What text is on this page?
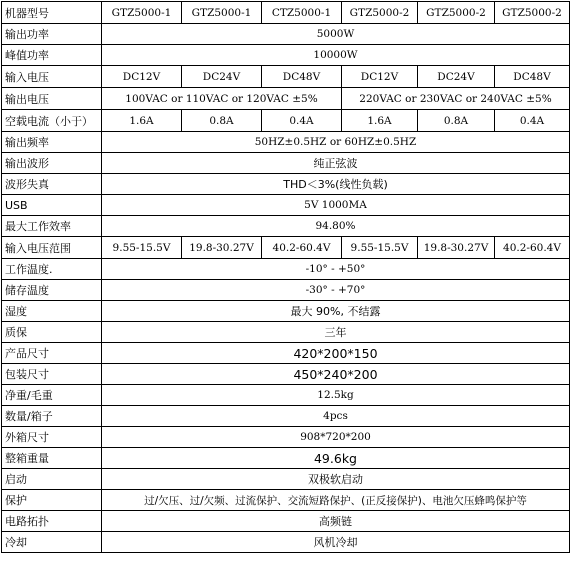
机器型号	GTZ5000-1	GTZ5000-1	CTZ5000-1	GTZ5000-2	GTZ5000-2	GTZ5000-2
输出功率	5000W					
峰值功率	10000W					
输入电压	DC12V	DC24V	DC48V	DC12V	DC24V	DC48V
输出电压	100VAC or 110VAC or 120VAC ±5%			220VAC or 230VAC or 240VAC ±5%		
空载电流（小于）	1.6A	0.8A	0.4A	1.6A	0.8A	0.4A
输出频率	50HZ±0.5HZ or 60HZ±0.5HZ					
输出波形	纯正弦波					
波形失真	THD＜3%(线性负载)					
USB	5V 1000MA					
最大工作效率	94.80%					
输入电压范围	9.55-15.5V	19.8-30.27V	40.2-60.4V	9.55-15.5V	19.8-30.27V	40.2-60.4V
工作温度.	-10° - +50°					
储存温度	-30° - +70°					
湿度	最大 90%, 不结露					
质保	三年					
产品尺寸	420*200*150					
包装尺寸	450*240*200					
净重/毛重	12.5kg					
数量/箱子	4pcs					
外箱尺寸	908*720*200					
整箱重量	49.6kg					
启动	双极软启动					
保护	过/欠压、过/欠频、过流保护、交流短路保护、(正反接保护)、电池欠压蜂鸣保护等					
电路拓扑	高频链					
冷却	风机冷却					
